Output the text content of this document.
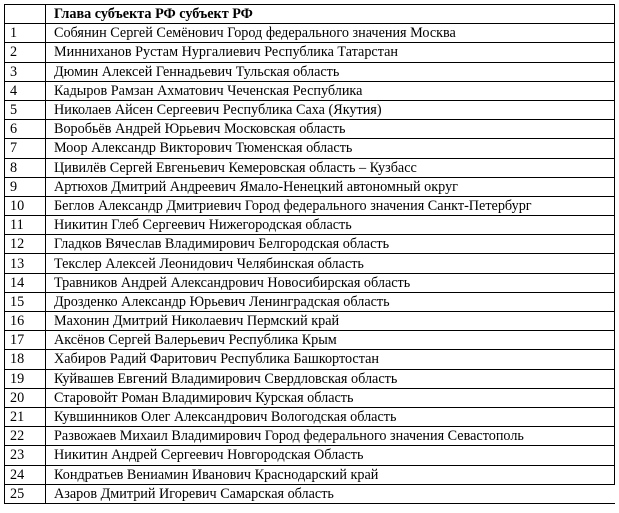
	Глава субъекта РФ субъект РФ
1	Собянин Сергей Семёнович Город федерального значения Москва
2	Минниханов Рустам Нургалиевич Республика Татарстан
3	Дюмин Алексей Геннадьевич Тульская область
4	Кадыров Рамзан Ахматович Чеченская Республика
5	Николаев Айсен Сергеевич Республика Саха (Якутия)
6	Воробьёв Андрей Юрьевич Московская область
7	Моор Александр Викторович Тюменская область
8	Цивилёв Сергей Евгеньевич Кемеровская область – Кузбасс
9	Артюхов Дмитрий Андреевич Ямало-Ненецкий автономный округ
10	Беглов Александр Дмитриевич Город федерального значения Санкт-Петербург
11	Никитин Глеб Сергеевич Нижегородская область
12	Гладков Вячеслав Владимирович Белгородская область
13	Текслер Алексей Леонидович Челябинская область
14	Травников Андрей Александрович Новосибирская область
15	Дрозденко Александр Юрьевич Ленинградская область
16	Махонин Дмитрий Николаевич Пермский край
17	Аксёнов Сергей Валерьевич Республика Крым
18	Хабиров Радий Фаритович Республика Башкортостан
19	Куйвашев Евгений Владимирович Свердловская область
20	Старовойт Роман Владимирович Курская область
21	Кувшинников Олег Александрович Вологодская область
22	Развожаев Михаил Владимирович Город федерального значения Севастополь
23	Никитин Андрей Сергеевич Новгородская Область
24	Кондратьев Вениамин Иванович Краснодарский край
25	Азаров Дмитрий Игоревич Самарская область
